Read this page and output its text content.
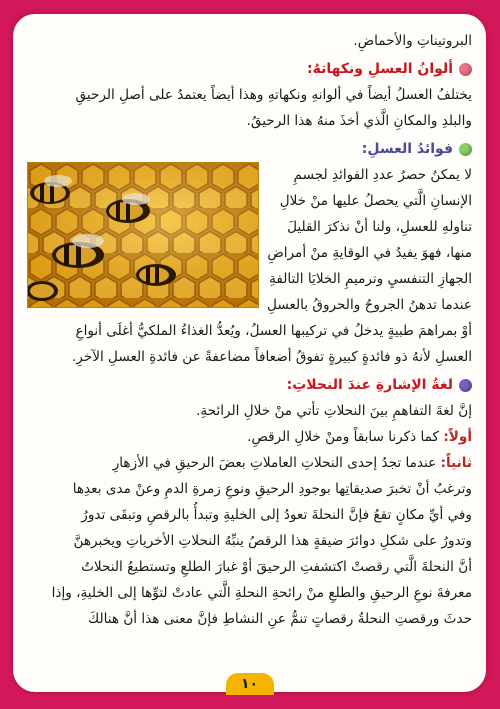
البروتيناتِ والأحماضِ.
ألوانُ العسلِ ونكهاتهُ:
يختلفُ العسلُ أيضاً في ألوانهِ ونكهاتهِ وهذا أيضاً يعتمدُ على أصلِ الرحيقِ
والبلدِ والمكانِ الَّذي أخذَ منهُ هذا الرحيقُ.
فوائدُ العسلِ:
لا يمكنُ حصرُ عددِ الفوائدِ لجسمِ
الإنسانِ الَّتي يحصلُ عليها منْ خلالِ
تناولهِ للعسلِ، ولنا أنْ نذكرَ القليلَ
منها، فهوَ يفيدُ في الوقايةِ منْ أمراضِ
الجهازِ التنفسيِ وترميمِ الخلايَا التالفةِ
عندما تدهنُ الجروحُ والحروقُ بالعسلِ
أوْ بمراهمَ طبيةٍ يدخلُ في تركيبها العسلُ، ويُعدُّ الغذاءُ الملكيُّ أغلَى أنواعِ
العسلِ لأنهُ ذو فائدةٍ كبيرةٍ تفوقُ أضعافاً مضاعفةً عن فائدةِ العسلِ الآخرِ.
لغةُ الإشارةِ عندَ النحلاتِ:
إنَّ لغةَ التفاهمِ بينَ النحلاتِ تأتي منْ خلالِ الرائحةِ.
أولاً: كما ذكرنا سابقاً ومنْ خلالِ الرقصِ.
ثانياً: عندما تجدُ إحدى النحلاتِ العاملاتِ بعضَ الرحيقِ في الأزهارِ
وترغبُ أنْ تخبرَ صديقاتِها بوجودِ الرحيقِ ونوعِ زمرةِ الدمِ وعنْ مدى بعدِها
وفي أيِّ مكانٍ تقعُ فإنَّ النحلةَ تعودُ إلى الخليةِ وتبدأُ بالرقصِ وتبقَى تدورُ
وتدورُ على شكلِ دوائرَ ضيقةٍ هذا الرقصُ ينبِّهُ النحلاتِ الأخرياتِ ويخبرهنَّ
أنَّ النحلةَ الَّتي رقصتْ اكتشفتِ الرحيقَ أوْ غبارَ الطلعِ وتستطيعُ النحلاتُ
معرفةَ نوعِ الرحيقِ والطلعِ منْ رائحةِ النحلةِ الَّتي عادتْ لتوِّها إلى الخليةِ، وإذا
حدثَ ورقصتِ النحلةُ رقصاتٍ تنمُّ عنِ النشاطِ فإنَّ معنى هذا أنَّ هنالكَ
١٠
